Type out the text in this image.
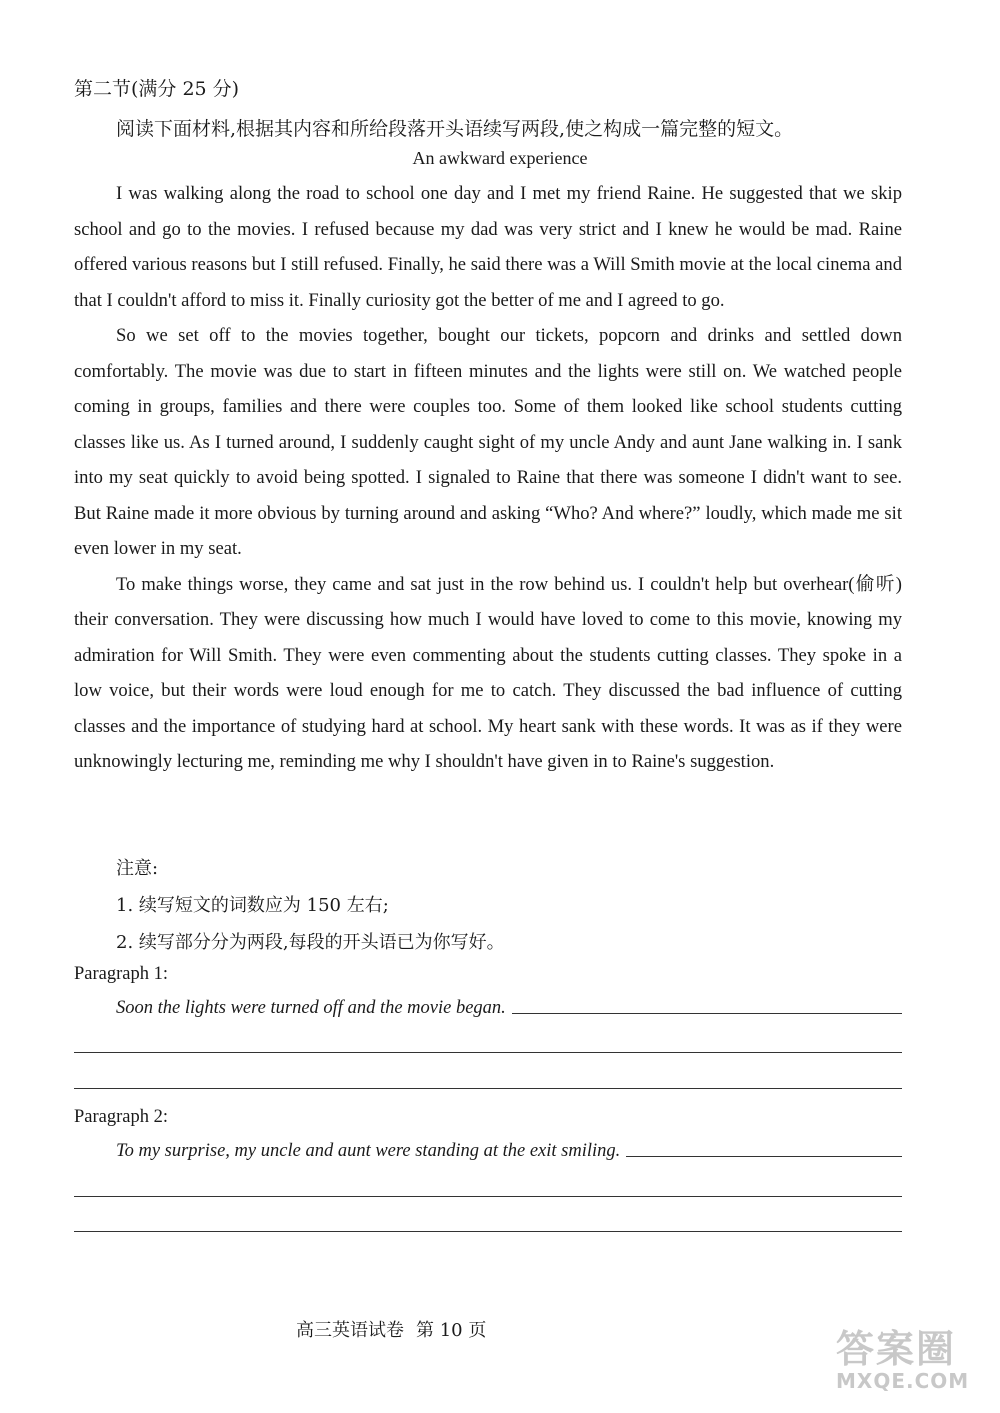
第二节(满分 25 分)
阅读下面材料,根据其内容和所给段落开头语续写两段,使之构成一篇完整的短文。
An awkward experience

I was walking along the road to school one day and I met my friend Raine. He suggested that we skip school and go to the movies. I refused because my dad was very strict and I knew he would be mad. Raine offered various reasons but I still refused. Finally, he said there was a Will Smith movie at the local cinema and that I couldn't afford to miss it. Finally curiosity got the better of me and I agreed to go.

So we set off to the movies together, bought our tickets, popcorn and drinks and settled down comfortably. The movie was due to start in fifteen minutes and the lights were still on. We watched people coming in groups, families and there were couples too. Some of them looked like school students cutting classes like us. As I turned around, I suddenly caught sight of my uncle Andy and aunt Jane walking in. I sank into my seat quickly to avoid being spotted. I signaled to Raine that there was someone I didn't want to see. But Raine made it more obvious by turning around and asking “Who? And where?” loudly, which made me sit even lower in my seat.

To make things worse, they came and sat just in the row behind us. I couldn't help but overhear(偷听) their conversation. They were discussing how much I would have loved to come to this movie, knowing my admiration for Will Smith. They were even commenting about the students cutting classes. They spoke in a low voice, but their words were loud enough for me to catch. They discussed the bad influence of cutting classes and the importance of studying hard at school. My heart sank with these words. It was as if they were unknowingly lecturing me, reminding me why I shouldn't have given in to Raine's suggestion.

注意:
1. 续写短文的词数应为 150 左右;
2. 续写部分分为两段,每段的开头语已为你写好。
Paragraph 1:
Soon the lights were turned off and the movie began.
Paragraph 2:
To my surprise, my uncle and aunt were standing at the exit smiling.
高三英语试卷 第 10 页	答案圈
MXQE.COM
